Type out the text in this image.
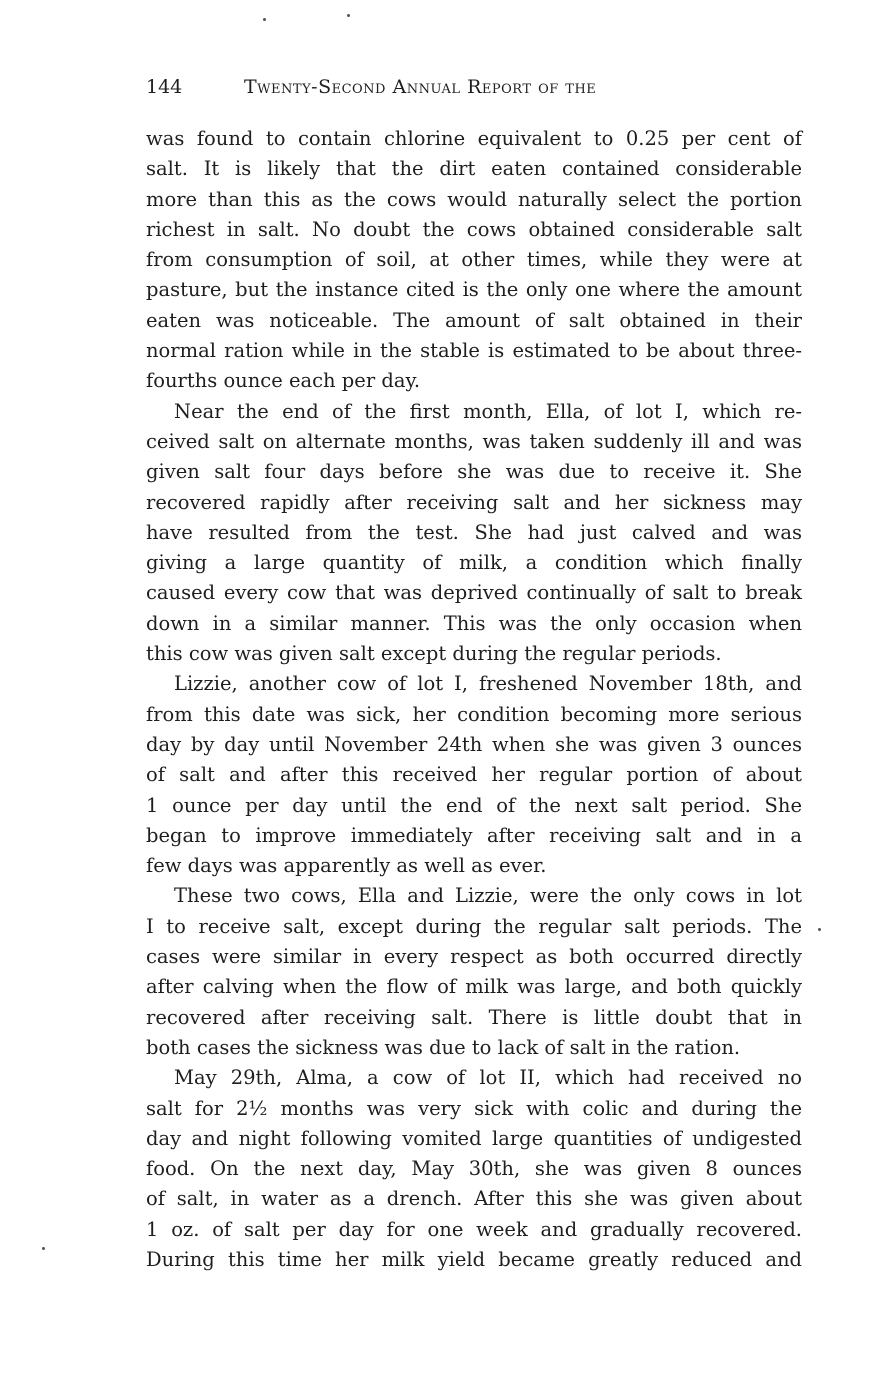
144	Twenty-Second Annual Report of the
was found to contain chlorine equivalent to 0.25 per cent of
salt. It is likely that the dirt eaten contained considerable
more than this as the cows would naturally select the portion
richest in salt. No doubt the cows obtained considerable salt
from consumption of soil, at other times, while they were at
pasture, but the instance cited is the only one where the amount
eaten was noticeable. The amount of salt obtained in their
normal ration while in the stable is estimated to be about three-
fourths ounce each per day.
Near the end of the first month, Ella, of lot I, which re-
ceived salt on alternate months, was taken suddenly ill and was
given salt four days before she was due to receive it. She
recovered rapidly after receiving salt and her sickness may
have resulted from the test. She had just calved and was
giving a large quantity of milk, a condition which finally
caused every cow that was deprived continually of salt to break
down in a similar manner. This was the only occasion when
this cow was given salt except during the regular periods.
Lizzie, another cow of lot I, freshened November 18th, and
from this date was sick, her condition becoming more serious
day by day until November 24th when she was given 3 ounces
of salt and after this received her regular portion of about
1 ounce per day until the end of the next salt period. She
began to improve immediately after receiving salt and in a
few days was apparently as well as ever.
These two cows, Ella and Lizzie, were the only cows in lot
I to receive salt, except during the regular salt periods. The
cases were similar in every respect as both occurred directly
after calving when the flow of milk was large, and both quickly
recovered after receiving salt. There is little doubt that in
both cases the sickness was due to lack of salt in the ration.
May 29th, Alma, a cow of lot II, which had received no
salt for 2½ months was very sick with colic and during the
day and night following vomited large quantities of undigested
food. On the next day, May 30th, she was given 8 ounces
of salt, in water as a drench. After this she was given about
1 oz. of salt per day for one week and gradually recovered.
During this time her milk yield became greatly reduced and
